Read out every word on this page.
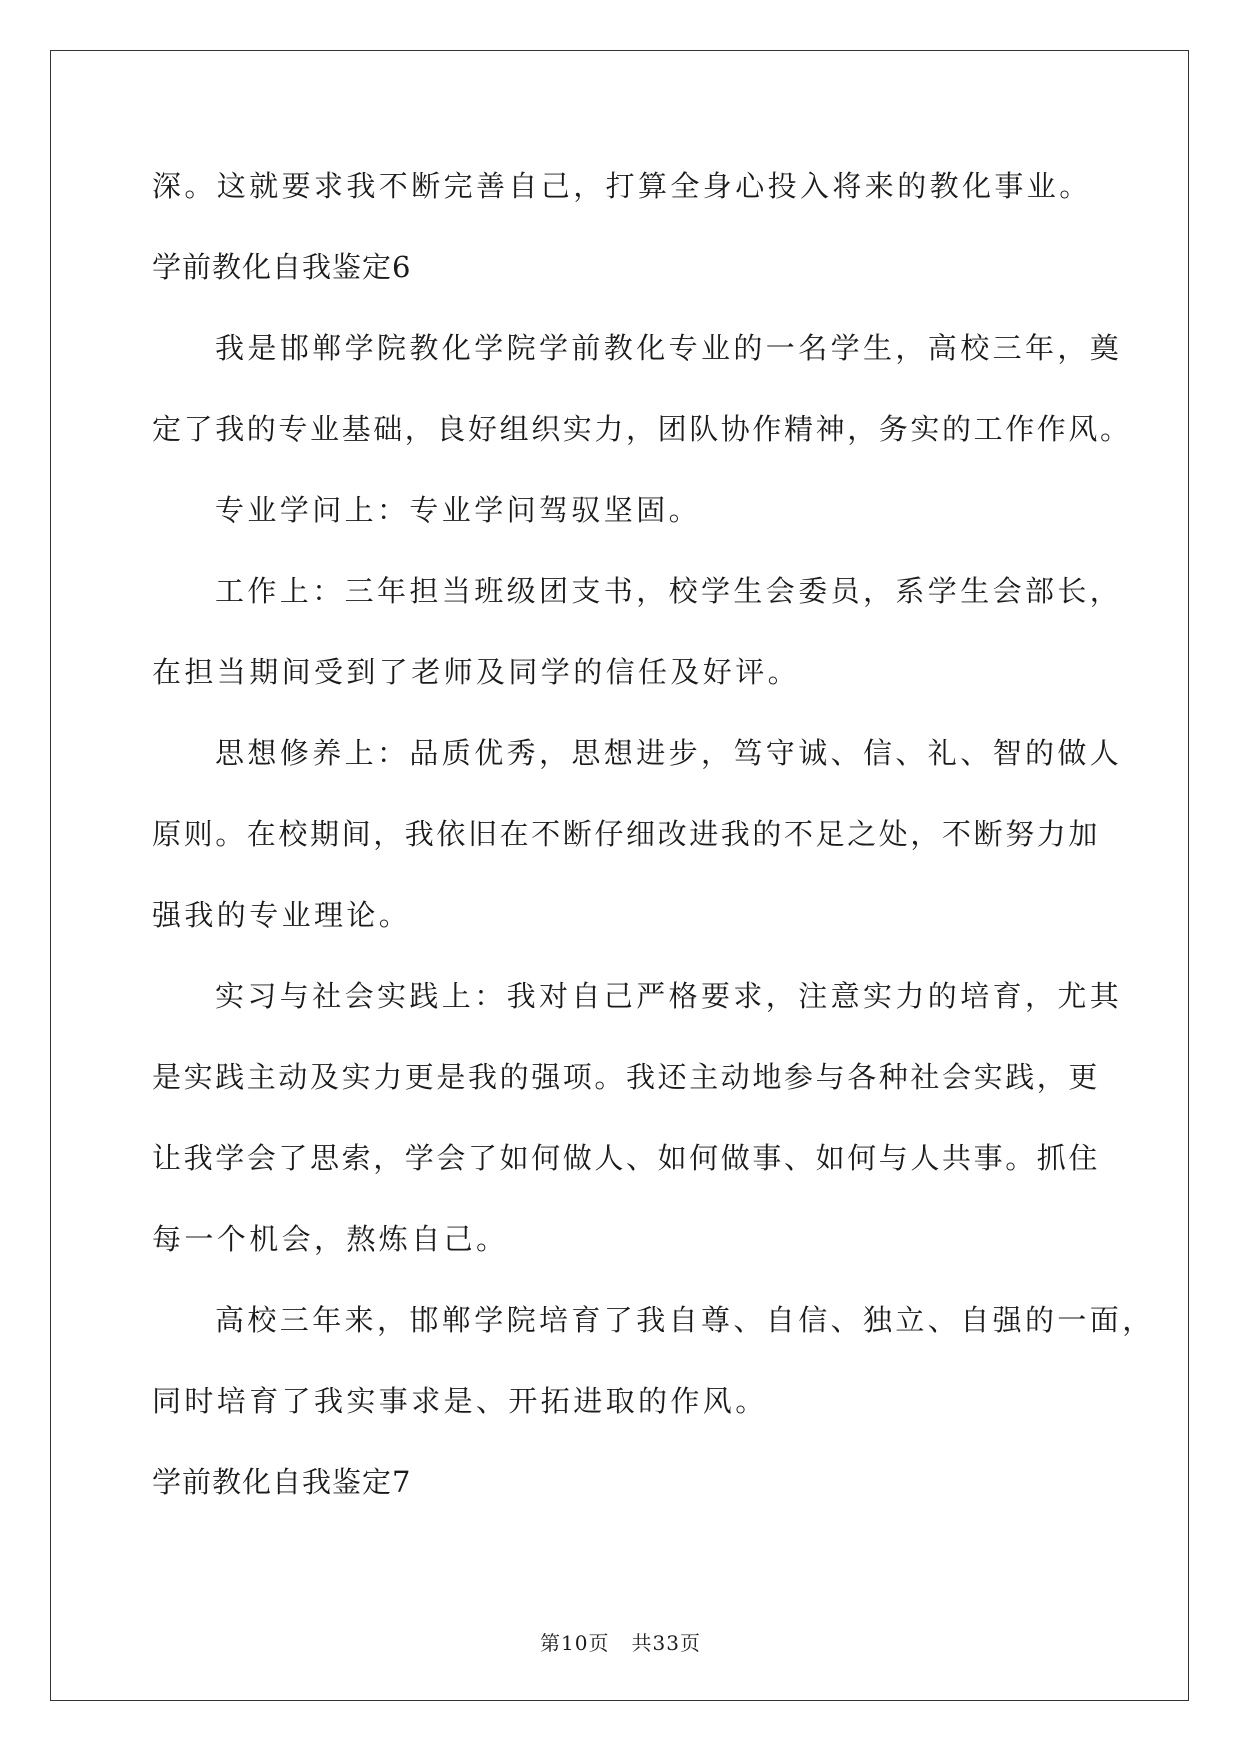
深。这就要求我不断完善自己，打算全身心投入将来的教化事业。
学前教化自我鉴定6
我是邯郸学院教化学院学前教化专业的一名学生，高校三年，奠
定了我的专业基础，良好组织实力，团队协作精神，务实的工作作风。
专业学问上：专业学问驾驭坚固。
工作上：三年担当班级团支书，校学生会委员，系学生会部长，
在担当期间受到了老师及同学的信任及好评。
思想修养上：品质优秀，思想进步，笃守诚、信、礼、智的做人
原则。在校期间，我依旧在不断仔细改进我的不足之处，不断努力加
强我的专业理论。
实习与社会实践上：我对自己严格要求，注意实力的培育，尤其
是实践主动及实力更是我的强项。我还主动地参与各种社会实践，更
让我学会了思索，学会了如何做人、如何做事、如何与人共事。抓住
每一个机会，熬炼自己。
高校三年来，邯郸学院培育了我自尊、自信、独立、自强的一面，
同时培育了我实事求是、开拓进取的作风。
学前教化自我鉴定7
第10页 共33页
